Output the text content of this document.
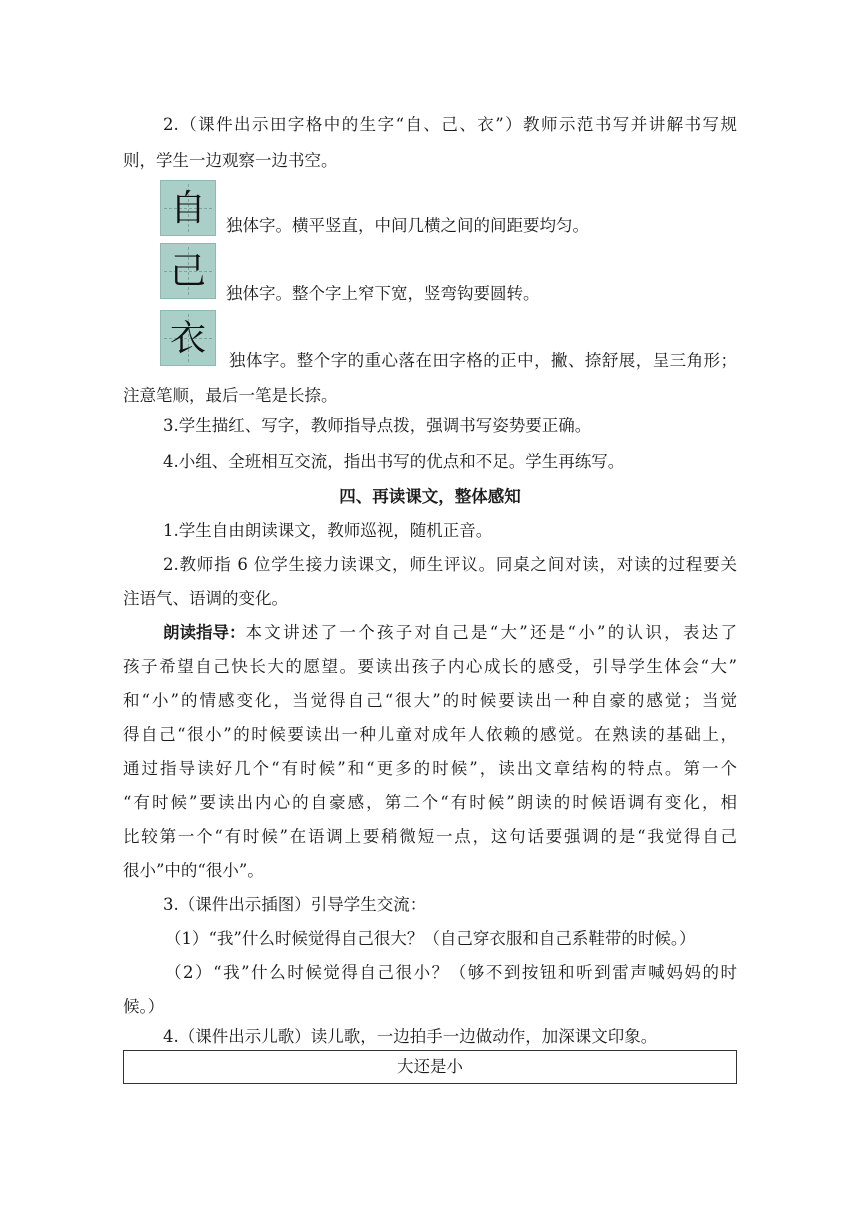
2.（课件出示田字格中的生字“自、己、衣”）教师示范书写并讲解书写规
则，学生一边观察一边书空。
自	独体字。横平竖直，中间几横之间的间距要均匀。
己
独体字。整个字上窄下宽，竖弯钩要圆转。
衣
独体字。整个字的重心落在田字格的正中，撇、捺舒展，呈三角形；
注意笔顺，最后一笔是长捺。
3.学生描红、写字，教师指导点拨，强调书写姿势要正确。
4.小组、全班相互交流，指出书写的优点和不足。学生再练写。
四、再读课文，整体感知
1.学生自由朗读课文，教师巡视，随机正音。
2.教师指 6 位学生接力读课文，师生评议。同桌之间对读，对读的过程要关
注语气、语调的变化。
朗读指导： 本文讲述了一个孩子对自己是“大”还是“小”的认识，表达了
孩子希望自己快长大的愿望。要读出孩子内心成长的感受，引导学生体会“大”
和“小”的情感变化，当觉得自己“很大”的时候要读出一种自豪的感觉；当觉
得自己“很小”的时候要读出一种儿童对成年人依赖的感觉。在熟读的基础上，
通过指导读好几个“有时候”和“更多的时候”，读出文章结构的特点。第一个
“有时候”要读出内心的自豪感，第二个“有时候”朗读的时候语调有变化，相
比较第一个“有时候”在语调上要稍微短一点，这句话要强调的是“我觉得自己
很小”中的“很小”。
3.（课件出示插图）引导学生交流：
（1）“我”什么时候觉得自己很大？（自己穿衣服和自己系鞋带的时候。）
（2）“我”什么时候觉得自己很小？（够不到按钮和听到雷声喊妈妈的时
候。）
4.（课件出示儿歌）读儿歌，一边拍手一边做动作，加深课文印象。
大还是小
